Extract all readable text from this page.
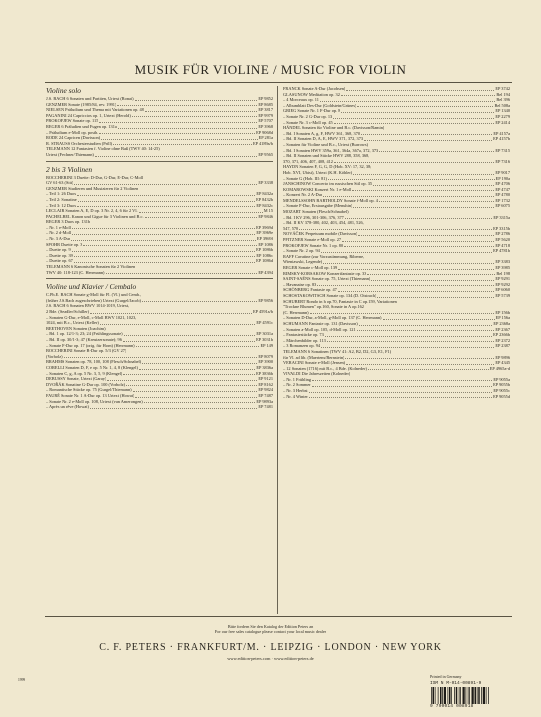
MUSIK FÜR VIOLINE / MUSIC FOR VIOLIN
Violine solo
J.S. BACH 6 Sonaten und Partiten, Urtext (Ronai)	EP 9852
GENZMER Sonate (1985/84, rev. 1991)	EP 8685
NIELSEN Präludium und Thema mit Variationen op. 48	EP 3817
PAGANINI 24 Capriccios op. 1, Urtext (Herold)	EP 9979
PROKOFJEW Sonate op. 115	EP 5707
REGER 6 Präludien und Fugen op. 131a	EP 3968
– Präludium e-Moll op. posth.	EP 9068d
RODE 24 Capricen (Davisson)	EP 281a
R. STRAUSS Orchesterstudien (Prill)	EP 4189a/b
TELEMANN 12 Fantasien f. Violine ohne Baß (TWV 40: 14-25)
Urtext (Fechner/Thiemann)	EP 9565
2 bis 3 Violinen
BOCCHERINI 3 Duette: D-Dur, G-Dur, E-Dur, C-Moll
GV 61-63 (Sitt)	EP 3338
GENZMER Studieren und Musizieren für 2 Violinen
– Teil 1: 26 Duos	EP 8432a
– Teil 2: Sonatine	EP 8432b
– Teil 3: 12 Duos	EP 8432c
LECLAIR Sonaten A, E, D op. 3 Nr. 2, 4, 6 für 2 Vl.	M 15
PACHELBEL Kanon und Gigue für 3 Violinen und B.c.	EP 9846
REGER 3 Duos op. 131b
– Nr. 1 e-Moll	EP 3969d
– Nr. 2 d-Moll	EP 3969e
– Nr. 3 A-Dur	EP 3969f
SPOHR Duette op. 3	EP 1086
– Duette op. 9	EP 1086b
– Duette op. 39	EP 1086c
– Duette op. 67	EP 1086d
TELEMANN 6 Kanonische Sonaten für 2 Violinen
TWV 40: 118-123 (C. Herrmann)	EP 4394
Violine und Klavier / Cembalo
C.Ph.E. BACH Sonate g-Moll für Fl. (Vl.) und Cemb.,
(früher J.S.Bach zugeschrieben) Urtext (Gurgel/Jacob)	EP 9856
J.S. BACH 6 Sonaten BWV 1014-1019, Urtext,
2 Bde. (Seadler/Schiller)	EP 4591a/b
– Sonaten G-Dur, e-Moll, c-Moll BWV 1021, 1023,
1024, mit B.c., Urtext (Keller)	EP 4591c
BEETHOVEN Sonaten (Joachim)
– Bd. 1 op. 12/1-3; 23; 24 (Frühlingssonate)	EP 3031a
– Bd. II op. 30/1-3; 47 (Kreutzersonate); 96	EP 3031b
– Sonate F-Dur op. 17 (orig. für Horn) (Herrmann)	EP 149
BOCCHERINI Sonate B-Dur op. 5/3 (GV 27)
(Vorholz)	EP 8079
BRAHMS Sonaten op. 78, 100, 108 (Flesch/Schnabel)	EP 3900
CORELLI Sonaten D, F, e op. 5 Nr. 1, 4, 8 (Klengel)	EP 3836a
– Sonaten C, g, A op. 5 Nr. 3, 5, 9 (Klengel)	EP 3836b
DEBUSSY Sonate, Urtext (Garay)	EP 9121
DVOŘÁK Sonatine G-Dur op. 100 (Vorholz)	EP 8162
– Romantische Stücke op. 75 (Gurgel/Thiemann)	EP 9824
FAURÉ Sonate Nr. 1 A-Dur op. 13 Urtext (Howat)	EP 7487
– Sonate Nr. 2 e-Moll op. 108, Urtext (van Amerongen)	EP 9893a
– Après un rêve (Howat)	EP 7481
FRANCK Sonate A-Dur (Jacobsen)	EP 3742
GLASUNOW Meditation op. 32	Bel 194
– 4 Morceaux op. 11	Bel 396
– Albumblatt Des-Dur (Goldstein/Grünes)	Bel 508a
GRIEG Sonate Nr. 1 F-Dur op. 8	EP 1340
– Sonate Nr. 2 G-Dur op. 13	EP 2279
– Sonate Nr. 3 c-Moll op. 45	EP 2414
HÄNDEL Sonaten für Violine und B.c. (Davisson/Ramin)
– Bd. I Sonaten A, g, F, HWV 361, 368, 370	EP 4157a
– Bd. II Sonaten D, A, E, HWV 371, 372, 373	EP 4157b
– Sonaten für Violine und B.c., Urtext (Burrows)
– Bd. I Sonaten HWV 359a, 361, 364a, 367a, 372, 373	EP 7315
– Bd. II Sonaten und Stücke HWV 288, 358, 368,
370, 371, 406, 407, 408, 412	EP 7316
HAYDN Sonaten F, G, G, D (Hob. XV: 17, 32, 38;
Hob. XVI, Ubist), Urtext (K.H. Köhler)	EP 9017
– Sonate G (Hob. III: 81)	EP 190a
JANSCHINOW Concerto im russischen Stil op. 35	EP 4706
KOMAROWSKI Konzert Nr. 1 e-Moll	EP 4747
– Konzert Nr. 2 A-Dur	EP 4780
MENDELSSOHN BARTHOLDY Sonate f-Moll op. 4	EP 1732
– Sonate F-Dur, Erstausgabe (Menuhin)	EP 6075
MOZART Sonaten (Flesch/Schnabel)
– Bd. I KV 296, 301-306, 376, 377	EP 3315a
– Bd. II KV 378-380, 402, 403, 454, 481, 526,
547, 570	EP 3315b
NOVÁČEK Perpetuum mobile (Davisson)	EP 2786
PFITZNER Sonate e-Moll op. 27	EP 5620
PROKOFJEW Sonate Nr. 1 op. 80	EP 4718
– Sonate Nr. 2 op. 94	EP 4781b
RAFF Cavatine (zur Vorzustimmung, Riberne,
Wieniawski, Legende)	EP 3383
REGER Sonate c-Moll op. 139	EP 3985
RIMSKY-KORSAKOW Konzertfantasie op. 33	Bel 198
SAINT-SAËNS Sonate op. 75, Urtext (Thiemann)	EP 9291
– Havanaise op. 83	EP 9292
SCHÖNBERG Fantasie op. 47	EP 6060
SCHOSTAKOWITSCH Sonate op. 134 (D. Oistrach)	EP 5739
SCHUBERT Rondo in h op.70, Fantasie in C op.159, Variationen
"Trockne Blumen" op.160, Sonate in A op.162
(C. Herrmann)	EP 156b
– Sonaten D-Dur, a-Moll, g-Moll op. 137 (C. Herrmann)	EP 156a
SCHUMANN Fantasie op. 131 (Davisson)	EP 2368a
– Sonaten a-Moll op. 105, d-Moll op. 121	EP 2367
– Fantasiestücke op. 73	EP 2366b
– Märchenbilder op. 113	EP 2372
– 3 Romanzen op. 94	EP 2387
TELEMANN 6 Sonatinen (TWV 41: A2, B2, D2, G3, E1, F1)
für Vl. ad lib. (Maertens/Bernstein)	EP 9896
VERACINI Sonate e-Moll (Jensen)	EP 4345
– 12 Sonaten (1716) mit B.c., 4 Bde. (Kolneder)	EP 4965a-d
VIVALDI Die Jahreszeiten (Kolneder)
– Nr. 1 Frühling	EP 9055a
– Nr. 2 Sommer	EP 9055b
– Nr. 3 Herbst	EP 9055c
– Nr. 4 Winter	EP 9055d
Bitte fordern Sie den Katalog der Edition Peters an
For our free sales catalogue please contact your local music dealer
C. F. PETERS · FRANKFURT/M. · LEIPZIG · LONDON · NEW YORK
www.edition-peters.com · www.edition-peters.de
1999
Printed in Germany
ISM N M-014-00891-9
9 790014 008918
